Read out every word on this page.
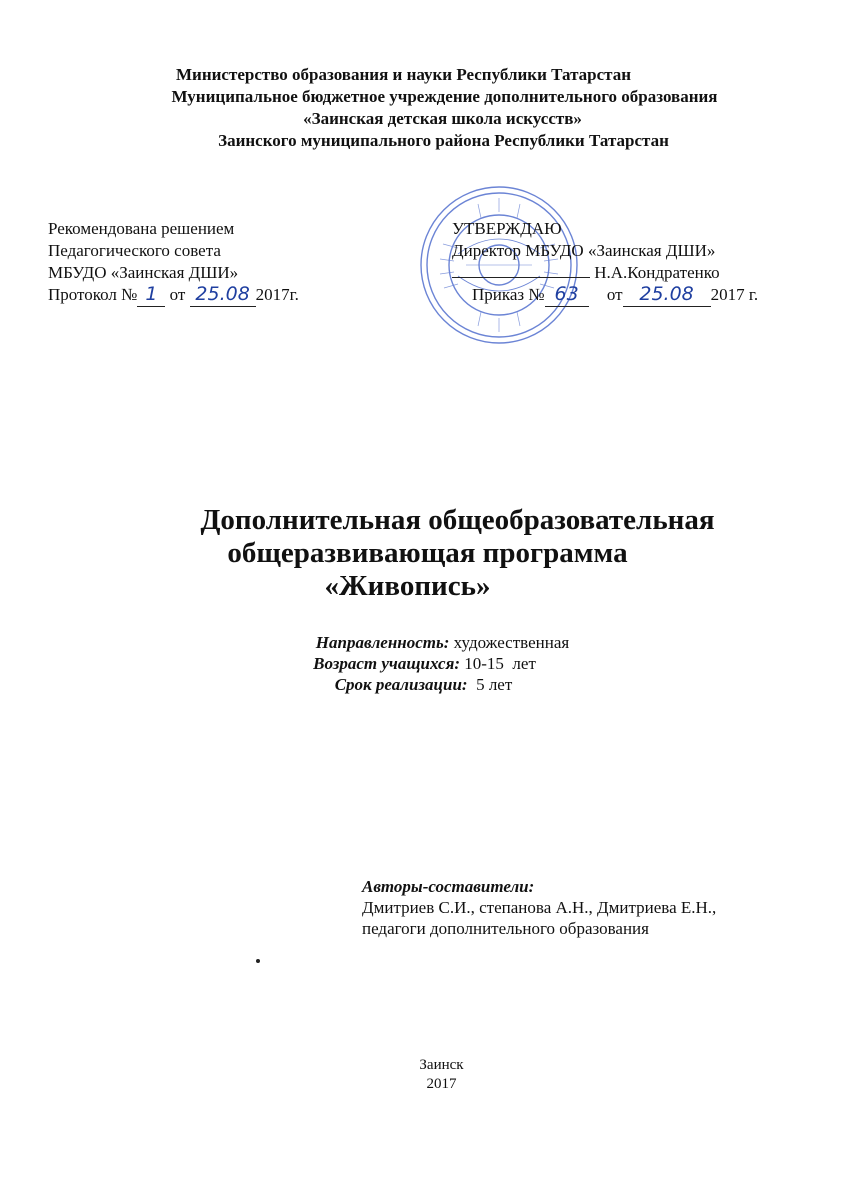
Министерство образования и науки Республики Татарстан
Муниципальное бюджетное учреждение дополнительного образования
«Заинская детская школа искусств»
Заинского муниципального района Республики Татарстан
Рекомендована решением
Педагогического совета
МБУДО «Заинская ДШИ»
Протокол № 1 от 25.08 2017г.
УТВЕРЖДАЮ
Директор МБУДО «Заинская ДШИ»
Н.А.Кондратенко
Приказ № 63 от 25.08 2017 г.
Дополнительная общеобразовательная
общеразвивающая программа
«Живопись»
Направленность: художественная
Возраст учащихся: 10-15  лет
Срок реализации:  5 лет
Авторы-составители:
Дмитриев С.И., степанова А.Н., Дмитриева Е.Н.,
педагоги дополнительного образования
Заинск
2017
